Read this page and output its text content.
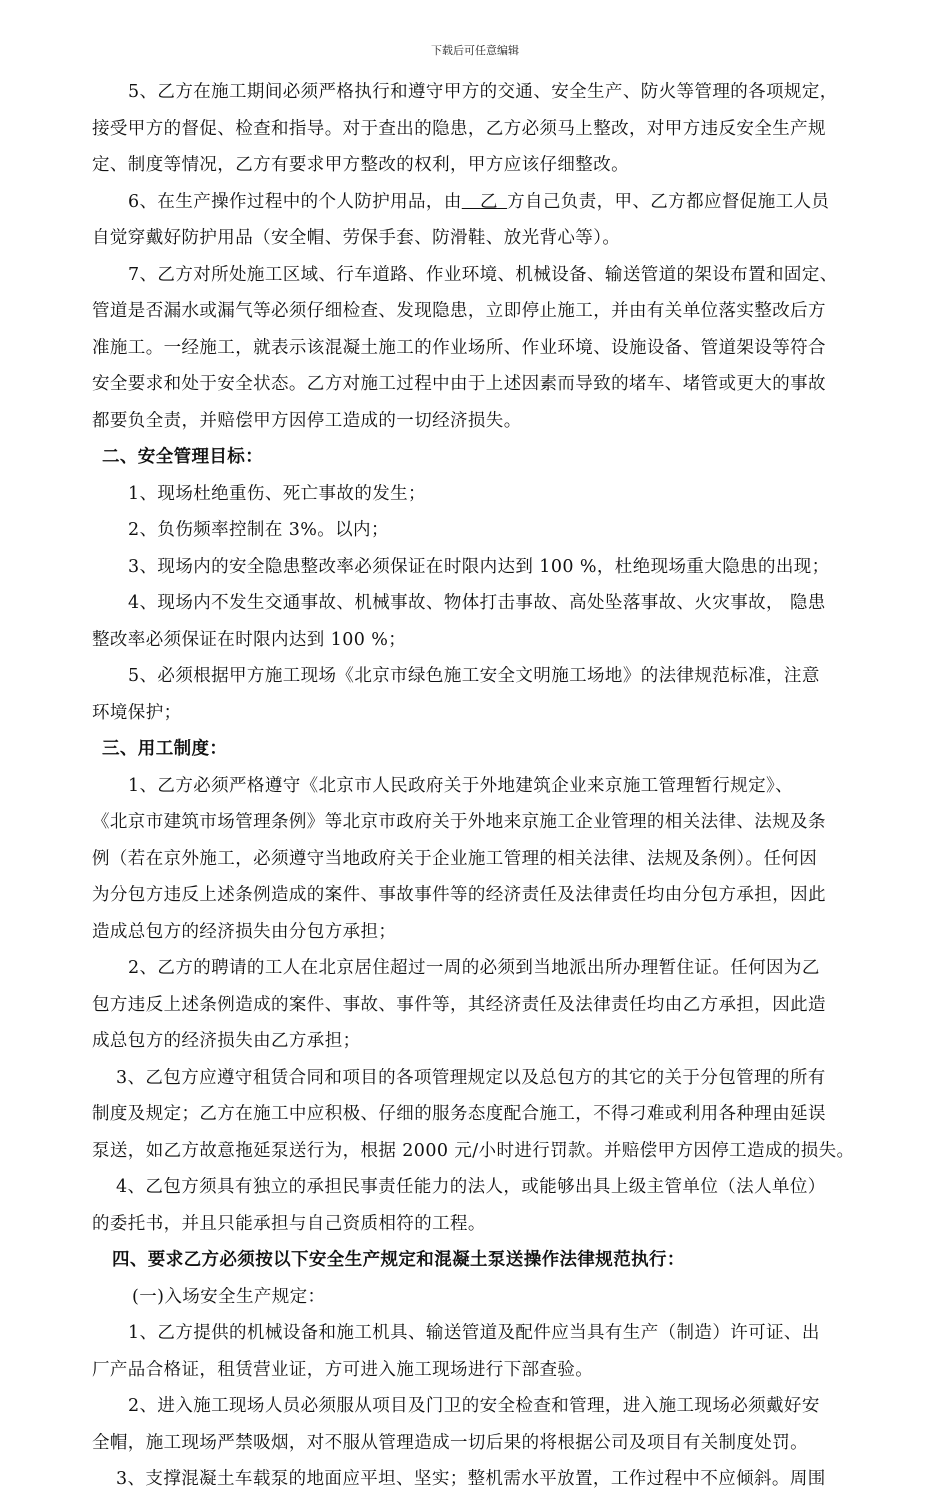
下载后可任意编辑
5、乙方在施工期间必须严格执行和遵守甲方的交通、安全生产、防火等管理的各项规定，
接受甲方的督促、检查和指导。对于查出的隐患，乙方必须马上整改，对甲方违反安全生产规
定、制度等情况，乙方有要求甲方整改的权利，甲方应该仔细整改。
6、在生产操作过程中的个人防护用品，由   乙  方自己负责，甲、乙方都应督促施工人员
自觉穿戴好防护用品（安全帽、劳保手套、防滑鞋、放光背心等）。
7、乙方对所处施工区域、行车道路、作业环境、机械设备、输送管道的架设布置和固定、
管道是否漏水或漏气等必须仔细检查、发现隐患，立即停止施工，并由有关单位落实整改后方
准施工。一经施工，就表示该混凝土施工的作业场所、作业环境、设施设备、管道架设等符合
安全要求和处于安全状态。乙方对施工过程中由于上述因素而导致的堵车、堵管或更大的事故
都要负全责，并赔偿甲方因停工造成的一切经济损失。
二、安全管理目标：
1、现场杜绝重伤、死亡事故的发生；
2、负伤频率控制在 3%。以内；
3、现场内的安全隐患整改率必须保证在时限内达到 100 %，杜绝现场重大隐患的出现；
4、现场内不发生交通事故、机械事故、物体打击事故、高处坠落事故、火灾事故， 隐患
整改率必须保证在时限内达到 100 %；
5、必须根据甲方施工现场《北京市绿色施工安全文明施工场地》的法律规范标准，注意
环境保护；
三、用工制度：
1、乙方必须严格遵守《北京市人民政府关于外地建筑企业来京施工管理暂行规定》、
《北京市建筑市场管理条例》等北京市政府关于外地来京施工企业管理的相关法律、法规及条
例（若在京外施工，必须遵守当地政府关于企业施工管理的相关法律、法规及条例）。任何因
为分包方违反上述条例造成的案件、事故事件等的经济责任及法律责任均由分包方承担，因此
造成总包方的经济损失由分包方承担；
2、乙方的聘请的工人在北京居住超过一周的必须到当地派出所办理暂住证。任何因为乙
包方违反上述条例造成的案件、事故、事件等，其经济责任及法律责任均由乙方承担，因此造
成总包方的经济损失由乙方承担；
3、乙包方应遵守租赁合同和项目的各项管理规定以及总包方的其它的关于分包管理的所有
制度及规定；乙方在施工中应积极、仔细的服务态度配合施工，不得刁难或利用各种理由延误
泵送，如乙方故意拖延泵送行为，根据 2000 元/小时进行罚款。并赔偿甲方因停工造成的损失。
4、乙包方须具有独立的承担民事责任能力的法人，或能够出具上级主管单位（法人单位）
的委托书，并且只能承担与自己资质相符的工程。
四、要求乙方必须按以下安全生产规定和混凝土泵送操作法律规范执行：
(一)入场安全生产规定：
1、乙方提供的机械设备和施工机具、输送管道及配件应当具有生产（制造）许可证、出
厂产品合格证，租赁营业证，方可进入施工现场进行下部查验。
2、进入施工现场人员必须服从项目及门卫的安全检查和管理，进入施工现场必须戴好安
全帽，施工现场严禁吸烟，对不服从管理造成一切后果的将根据公司及项目有关制度处罚。
3、支撑混凝土车载泵的地面应平坦、坚实；整机需水平放置，工作过程中不应倾斜。周围
